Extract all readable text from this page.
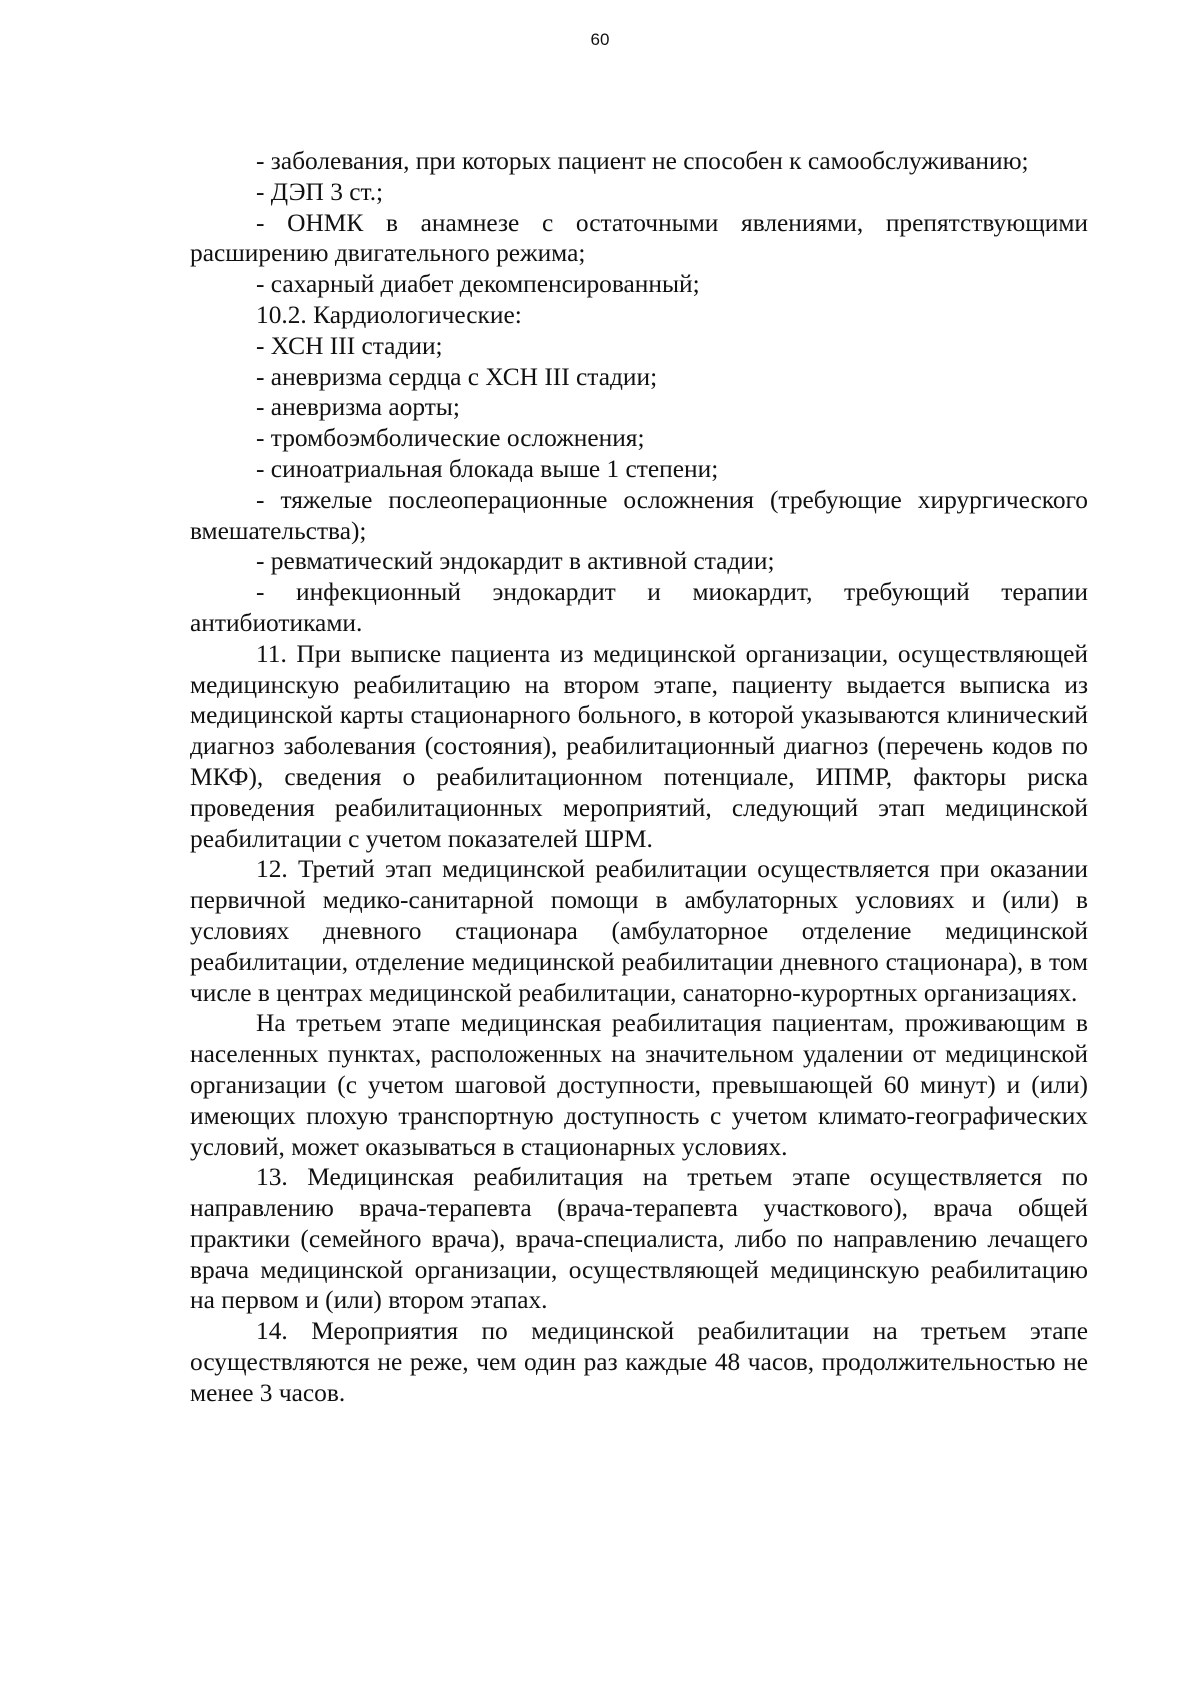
60

- заболевания, при которых пациент не способен к самообслуживанию;

- ДЭП 3 ст.;

- ОНМК в анамнезе с остаточными явлениями, препятствующими расширению двигательного режима;

- сахарный диабет декомпенсированный;

10.2. Кардиологические:

- ХСН III стадии;

- аневризма сердца с ХСН III стадии;

- аневризма аорты;

- тромбоэмболические осложнения;

- синоатриальная блокада выше 1 степени;

- тяжелые послеоперационные осложнения (требующие хирургического вмешательства);

- ревматический эндокардит в активной стадии;

- инфекционный эндокардит и миокардит, требующий терапии антибиотиками.

11. При выписке пациента из медицинской организации, осуществляющей медицинскую реабилитацию на втором этапе, пациенту выдается выписка из медицинской карты стационарного больного, в которой указываются клинический диагноз заболевания (состояния), реабилитационный диагноз (перечень кодов по МКФ), сведения о реабилитационном потенциале, ИПМР, факторы риска проведения реабилитационных мероприятий, следующий этап медицинской реабилитации с учетом показателей ШРМ.

12. Третий этап медицинской реабилитации осуществляется при оказании первичной медико-санитарной помощи в амбулаторных условиях и (или) в условиях дневного стационара (амбулаторное отделение медицинской реабилитации, отделение медицинской реабилитации дневного стационара), в том числе в центрах медицинской реабилитации, санаторно-курортных организациях.

На третьем этапе медицинская реабилитация пациентам, проживающим в населенных пунктах, расположенных на значительном удалении от медицинской организации (с учетом шаговой доступности, превышающей 60 минут) и (или) имеющих плохую транспортную доступность с учетом климато-географических условий, может оказываться в стационарных условиях.

13. Медицинская реабилитация на третьем этапе осуществляется по направлению врача-терапевта (врача-терапевта участкового), врача общей практики (семейного врача), врача-специалиста, либо по направлению лечащего врача медицинской организации, осуществляющей медицинскую реабилитацию на первом и (или) втором этапах.

14. Мероприятия по медицинской реабилитации на третьем этапе осуществляются не реже, чем один раз каждые 48 часов, продолжительностью не менее 3 часов.
